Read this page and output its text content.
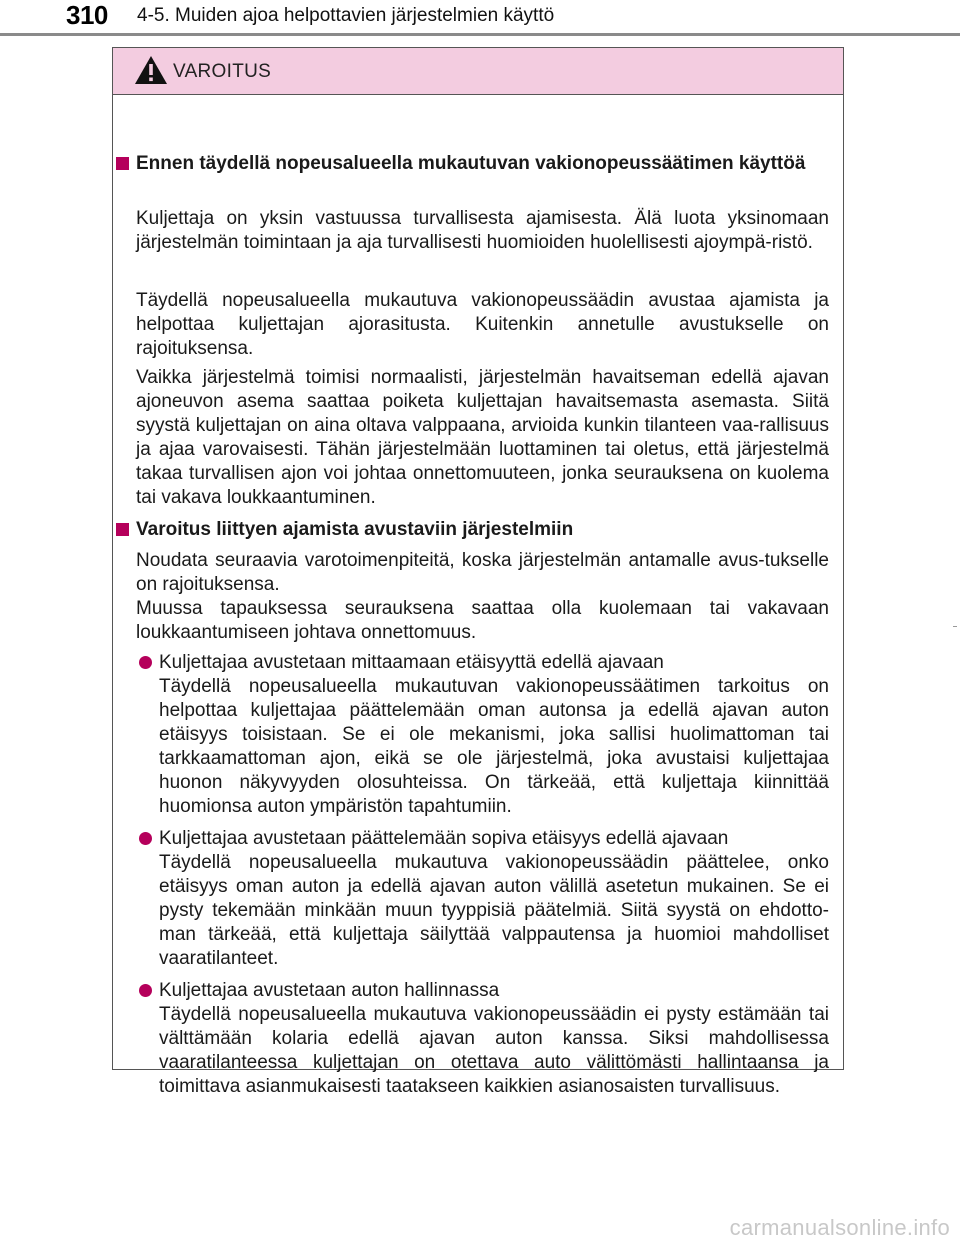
310 4-5. Muiden ajoa helpottavien järjestelmien käyttö
VAROITUS
Ennen täydellä nopeusalueella mukautuvan vakionopeussäätimen käyttöä

Kuljettaja on yksin vastuussa turvallisesta ajamisesta. Älä luota yksinomaan järjestelmän toimintaan ja aja turvallisesti huomioiden huolellisesti ajoympä-ristö.

Täydellä nopeusalueella mukautuva vakionopeussäädin avustaa ajamista ja helpottaa kuljettajan ajorasitusta. Kuitenkin annetulle avustukselle on rajoituksensa.

Vaikka järjestelmä toimisi normaalisti, järjestelmän havaitseman edellä ajavan ajoneuvon asema saattaa poiketa kuljettajan havaitsemasta asemasta. Siitä syystä kuljettajan on aina oltava valppaana, arvioida kunkin tilanteen vaa-rallisuus ja ajaa varovaisesti. Tähän järjestelmään luottaminen tai oletus, että järjestelmä takaa turvallisen ajon voi johtaa onnettomuuteen, jonka seurauksena on kuolema tai vakava loukkaantuminen.

Varoitus liittyen ajamista avustaviin järjestelmiin

Noudata seuraavia varotoimenpiteitä, koska järjestelmän antamalle avus-tukselle on rajoituksensa.

Muussa tapauksessa seurauksena saattaa olla kuolemaan tai vakavaan loukkaantumiseen johtava onnettomuus.

Kuljettajaa avustetaan mittaamaan etäisyyttä edellä ajavaan

Täydellä nopeusalueella mukautuvan vakionopeussäätimen tarkoitus on helpottaa kuljettajaa päättelemään oman autonsa ja edellä ajavan auton etäisyys toisistaan. Se ei ole mekanismi, joka sallisi huolimattoman tai tarkkaamattoman ajon, eikä se ole järjestelmä, joka avustaisi kuljettajaa huonon näkyvyyden olosuhteissa. On tärkeää, että kuljettaja kiinnittää huomionsa auton ympäristön tapahtumiin.

Kuljettajaa avustetaan päättelemään sopiva etäisyys edellä ajavaan

Täydellä nopeusalueella mukautuva vakionopeussäädin päättelee, onko etäisyys oman auton ja edellä ajavan auton välillä asetetun mukainen. Se ei pysty tekemään minkään muun tyyppisiä päätelmiä. Siitä syystä on ehdotto-man tärkeää, että kuljettaja säilyttää valppautensa ja huomioi mahdolliset vaaratilanteet.

Kuljettajaa avustetaan auton hallinnassa

Täydellä nopeusalueella mukautuva vakionopeussäädin ei pysty estämään tai välttämään kolaria edellä ajavan auton kanssa. Siksi mahdollisessa vaaratilanteessa kuljettajan on otettava auto välittömästi hallintaansa ja toimittava asianmukaisesti taatakseen kaikkien asianosaisten turvallisuus.

carmanualsonline.info
